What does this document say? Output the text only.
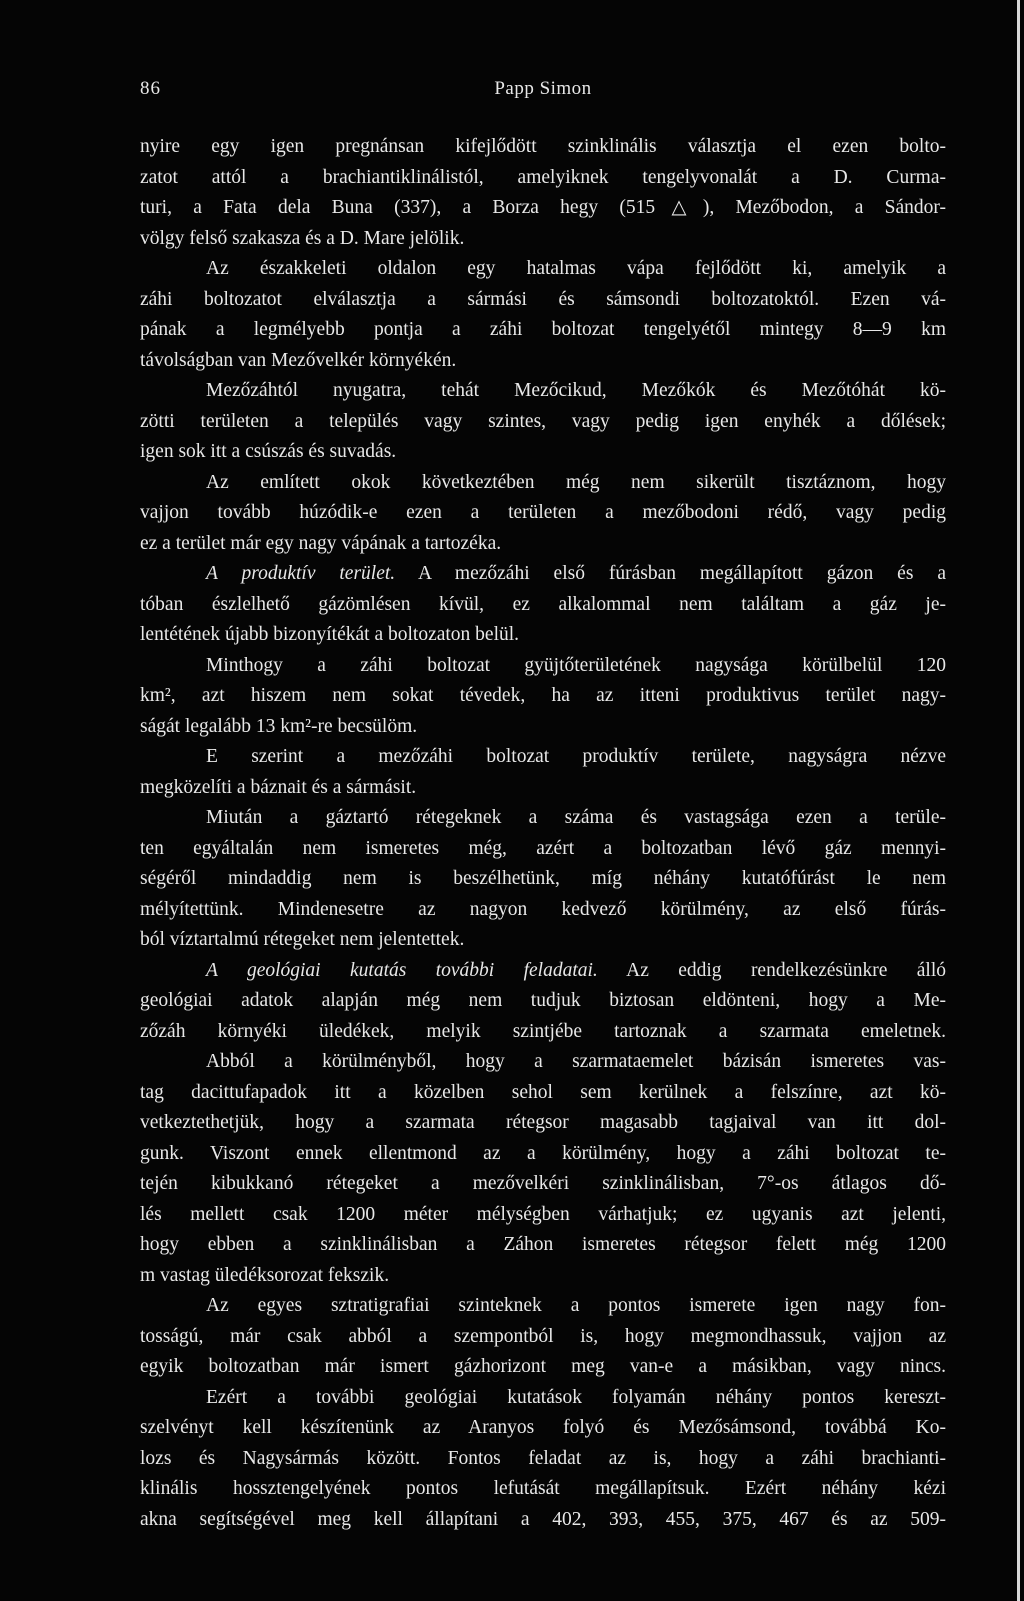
86	Papp Simon
nyire egy igen pregnánsan kifejlődött szinklinális választja el ezen bolto-
zatot attól a brachiantiklinálistól, amelyiknek tengelyvonalát a D. Curma-
turi, a Fata dela Buna (337), a Borza hegy (515△), Mezőbodon, a Sándor-
völgy felső szakasza és a D. Mare jelölik.
Az északkeleti oldalon egy hatalmas vápa fejlődött ki, amelyik a
záhi boltozatot elválasztja a sármási és sámsondi boltozatoktól. Ezen vá-
pának a legmélyebb pontja a záhi boltozat tengelyétől mintegy 8—9 km
távolságban van Mezővelkér környékén.
Mezőzáhtól nyugatra, tehát Mezőcikud, Mezőkók és Mezőtóhát kö-
zötti területen a település vagy szintes, vagy pedig igen enyhék a dőlések;
igen sok itt a csúszás és suvadás.
Az említett okok következtében még nem sikerült tisztáznom, hogy
vajjon tovább húzódik-e ezen a területen a mezőbodoni rédő, vagy pedig
ez a terület már egy nagy vápának a tartozéka.
A produktív terület. A mezőzáhi első fúrásban megállapított gázon és a
tóban észlelhető gázömlésen kívül, ez alkalommal nem találtam a gáz je-
lentétének újabb bizonyítékát a boltozaton belül.
Minthogy a záhi boltozat gyüjtőterületének nagysága körülbelül 120
km², azt hiszem nem sokat tévedek, ha az itteni produktivus terület nagy-
ságát legalább 13 km²-re becsülöm.
E szerint a mezőzáhi boltozat produktív területe, nagyságra nézve
megközelíti a báznait és a sármásit.
Miután a gáztartó rétegeknek a száma és vastagsága ezen a terüle-
ten egyáltalán nem ismeretes még, azért a boltozatban lévő gáz mennyi-
ségéről mindaddig nem is beszélhetünk, míg néhány kutatófúrást le nem
mélyítettünk. Mindenesetre az nagyon kedvező körülmény, az első fúrás-
ból víztartalmú rétegeket nem jelentettek.
A geológiai kutatás további feladatai. Az eddig rendelkezésünkre álló
geológiai adatok alapján még nem tudjuk biztosan eldönteni, hogy a Me-
zőzáh környéki üledékek, melyik szintjébe tartoznak a szarmata emeletnek.
Abból a körülményből, hogy a szarmataemelet bázisán ismeretes vas-
tag dacittufapadok itt a közelben sehol sem kerülnek a felszínre, azt kö-
vetkeztethetjük, hogy a szarmata rétegsor magasabb tagjaival van itt dol-
gunk. Viszont ennek ellentmond az a körülmény, hogy a záhi boltozat te-
tején kibukkanó rétegeket a mezővelkéri szinklinálisban, 7°-os átlagos dő-
lés mellett csak 1200 méter mélységben várhatjuk; ez ugyanis azt jelenti,
hogy ebben a szinklinálisban a Záhon ismeretes rétegsor felett még 1200
m vastag üledéksorozat fekszik.
Az egyes sztratigrafiai szinteknek a pontos ismerete igen nagy fon-
tosságú, már csak abból a szempontból is, hogy megmondhassuk, vajjon az
egyik boltozatban már ismert gázhorizont meg van-e a másikban, vagy nincs.
Ezért a további geológiai kutatások folyamán néhány pontos kereszt-
szelvényt kell készítenünk az Aranyos folyó és Mezősámsond, továbbá Ko-
lozs és Nagysármás között. Fontos feladat az is, hogy a záhi brachianti-
klinális hossztengelyének pontos lefutását megállapítsuk. Ezért néhány kézi
akna segítségével meg kell állapítani a 402, 393, 455, 375, 467 és az 509-
